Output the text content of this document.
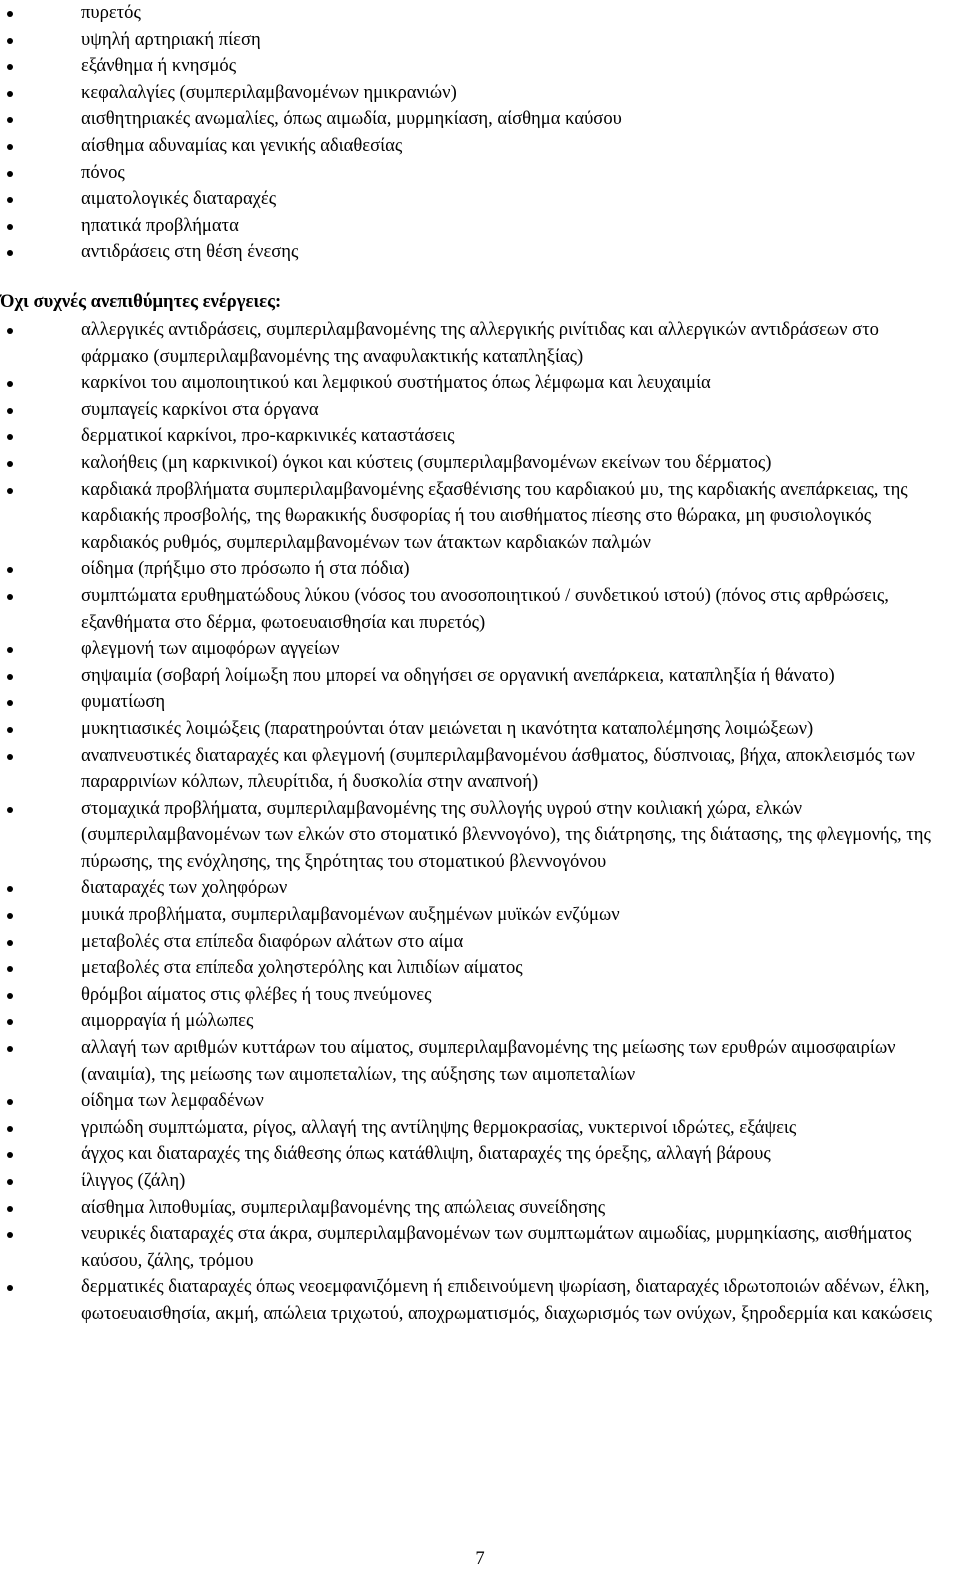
πυρετός
υψηλή αρτηριακή πίεση
εξάνθημα ή κνησμός
κεφαλαλγίες (συμπεριλαμβανομένων ημικρανιών)
αισθητηριακές ανωμαλίες, όπως αιμωδία, μυρμηκίαση, αίσθημα καύσου
αίσθημα αδυναμίας και γενικής αδιαθεσίας
πόνος
αιματολογικές διαταραχές
ηπατικά προβλήματα
αντιδράσεις στη θέση ένεσης
Όχι συχνές ανεπιθύμητες ενέργειες:
αλλεργικές αντιδράσεις, συμπεριλαμβανομένης της αλλεργικής ρινίτιδας και αλλεργικών αντιδράσεων στο φάρμακο (συμπεριλαμβανομένης της αναφυλακτικής καταπληξίας)
καρκίνοι του αιμοποιητικού και λεμφικού συστήματος όπως λέμφωμα και λευχαιμία
συμπαγείς καρκίνοι στα όργανα
δερματικοί καρκίνοι, προ-καρκινικές καταστάσεις
καλοήθεις (μη καρκινικοί) όγκοι και κύστεις (συμπεριλαμβανομένων εκείνων του δέρματος)
καρδιακά προβλήματα συμπεριλαμβανομένης εξασθένισης του καρδιακού μυ, της καρδιακής ανεπάρκειας, της καρδιακής προσβολής, της θωρακικής δυσφορίας ή του αισθήματος πίεσης στο θώρακα, μη φυσιολογικός καρδιακός ρυθμός, συμπεριλαμβανομένων των άτακτων καρδιακών παλμών
οίδημα (πρήξιμο στο πρόσωπο ή στα πόδια)
συμπτώματα ερυθηματώδους λύκου (νόσος του ανοσοποιητικού / συνδετικού ιστού) (πόνος στις αρθρώσεις, εξανθήματα στο δέρμα, φωτοευαισθησία και πυρετός)
φλεγμονή των αιμοφόρων αγγείων
σηψαιμία (σοβαρή λοίμωξη που μπορεί να οδηγήσει σε οργανική ανεπάρκεια, καταπληξία ή θάνατο)
φυματίωση
μυκητιασικές λοιμώξεις (παρατηρούνται όταν μειώνεται η ικανότητα καταπολέμησης λοιμώξεων)
αναπνευστικές διαταραχές και φλεγμονή (συμπεριλαμβανομένου άσθματος, δύσπνοιας, βήχα, αποκλεισμός των παραρρινίων κόλπων, πλευρίτιδα, ή δυσκολία στην αναπνοή)
στομαχικά προβλήματα, συμπεριλαμβανομένης της συλλογής υγρού στην κοιλιακή χώρα, ελκών (συμπεριλαμβανομένων των ελκών στο στοματικό βλεννογόνο), της διάτρησης, της διάτασης, της φλεγμονής, της πύρωσης, της ενόχλησης, της ξηρότητας του στοματικού βλεννογόνου
διαταραχές των χοληφόρων
μυικά προβλήματα, συμπεριλαμβανομένων αυξημένων μυϊκών ενζύμων
μεταβολές στα επίπεδα διαφόρων αλάτων στο αίμα
μεταβολές στα επίπεδα χοληστερόλης και λιπιδίων αίματος
θρόμβοι αίματος στις φλέβες ή τους πνεύμονες
αιμορραγία ή μώλωπες
αλλαγή των αριθμών κυττάρων του αίματος, συμπεριλαμβανομένης της μείωσης των ερυθρών αιμοσφαιρίων (αναιμία), της μείωσης των αιμοπεταλίων, της αύξησης των αιμοπεταλίων
οίδημα των λεμφαδένων
γριπώδη συμπτώματα, ρίγος, αλλαγή της αντίληψης θερμοκρασίας, νυκτερινοί ιδρώτες, εξάψεις
άγχος και διαταραχές της διάθεσης όπως κατάθλιψη, διαταραχές της όρεξης, αλλαγή βάρους
ίλιγγος (ζάλη)
αίσθημα λιποθυμίας, συμπεριλαμβανομένης της απώλειας συνείδησης
νευρικές διαταραχές στα άκρα, συμπεριλαμβανομένων των συμπτωμάτων αιμωδίας, μυρμηκίασης, αισθήματος καύσου, ζάλης, τρόμου
δερματικές διαταραχές όπως νεοεμφανιζόμενη ή επιδεινούμενη ψωρίαση, διαταραχές ιδρωτοποιών αδένων, έλκη, φωτοευαισθησία, ακμή, απώλεια τριχωτού, αποχρωματισμός, διαχωρισμός των ονύχων, ξηροδερμία και κακώσεις
7
